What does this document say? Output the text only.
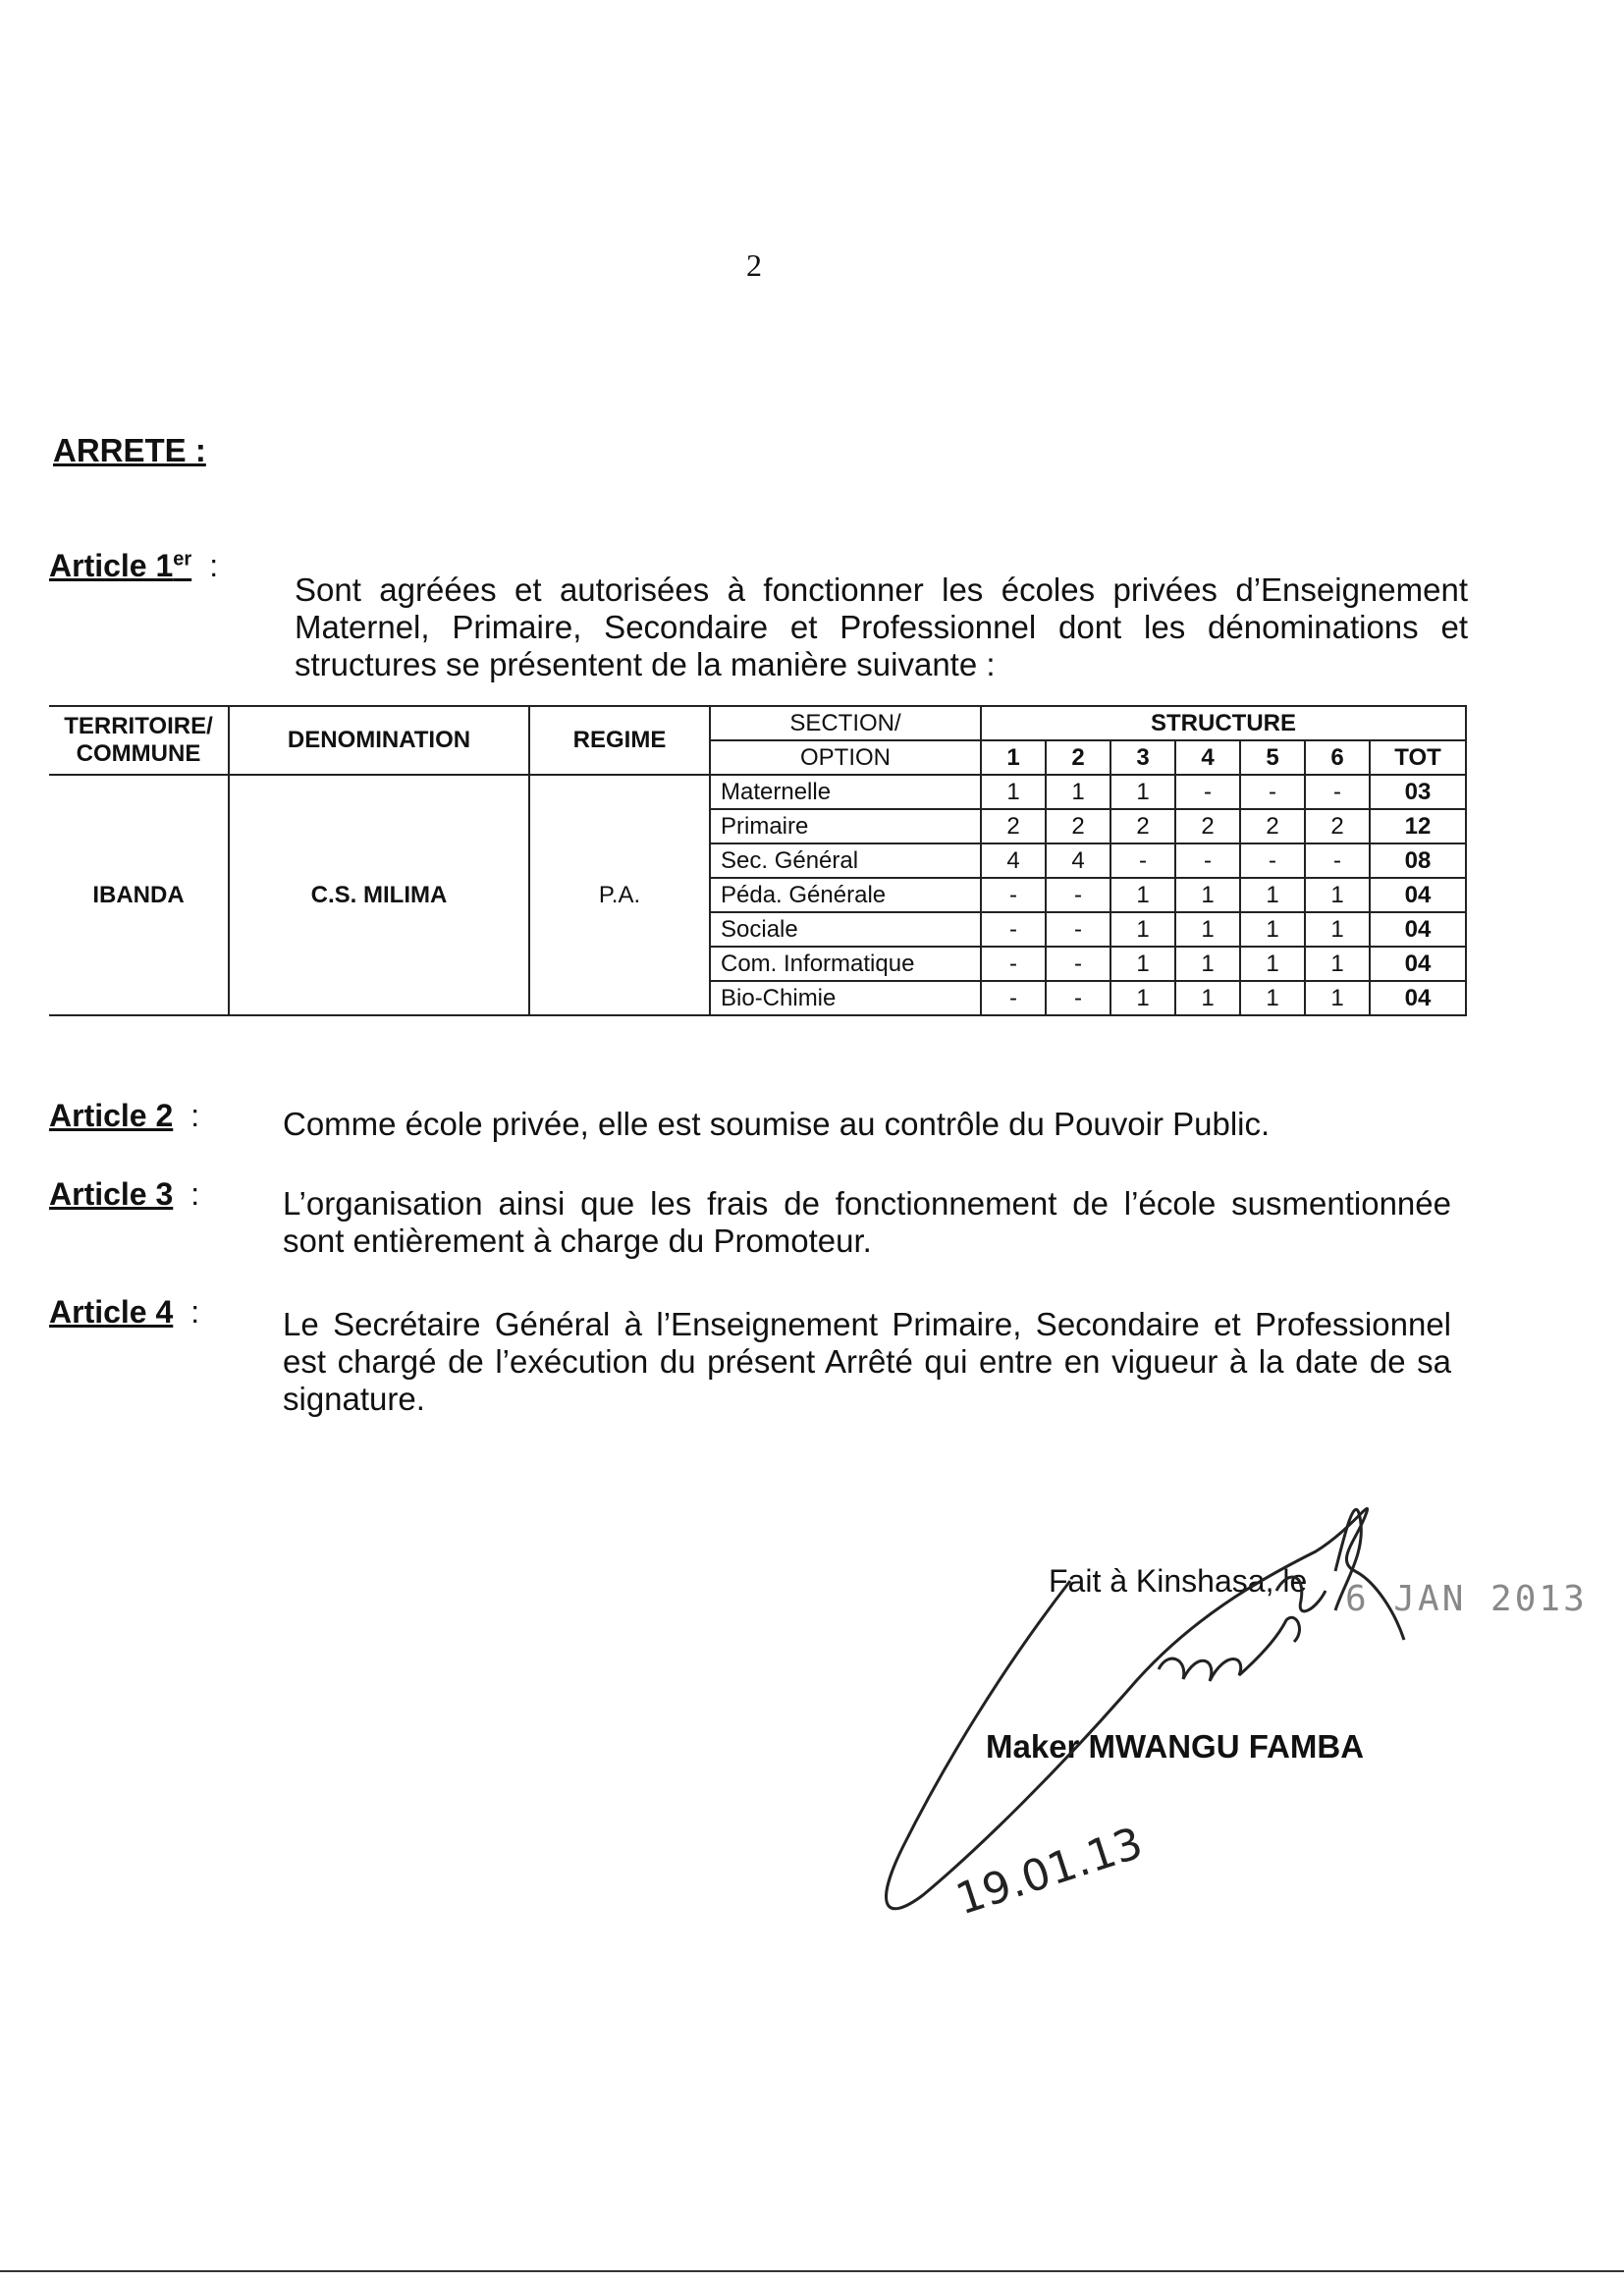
2
ARRETE :
Article 1er :
Sont agréées et autorisées à fonctionner les écoles privées d’Enseignement Maternel, Primaire, Secondaire et Professionnel dont les dénominations et structures se présentent de la manière suivante :
TERRITOIRE/ COMMUNE	DENOMINATION	REGIME	SECTION/	STRUCTURE						
			OPTION	1	2	3	4	5	6	TOT
IBANDA	C.S. MILIMA	P.A.	Maternelle	1	1	1	-	-	-	03
			Primaire	2	2	2	2	2	2	12
			Sec. Général	4	4	-	-	-	-	08
			Péda. Générale	-	-	1	1	1	1	04
			Sociale	-	-	1	1	1	1	04
			Com. Informatique	-	-	1	1	1	1	04
			Bio-Chimie	-	-	1	1	1	1	04
Article 2 :	Comme école privée, elle est soumise au contrôle du Pouvoir Public.
Article 3 :	L’organisation ainsi que les frais de fonctionnement de l’école susmentionnée sont entièrement à charge du Promoteur.
Article 4 :	Le Secrétaire Général à l’Enseignement Primaire, Secondaire et Professionnel est chargé de l’exécution du présent Arrêté qui entre en vigueur à la date de sa signature.
Fait à Kinshasa, le 6 JAN 2013
Maker MWANGU FAMBA
19.01.13
